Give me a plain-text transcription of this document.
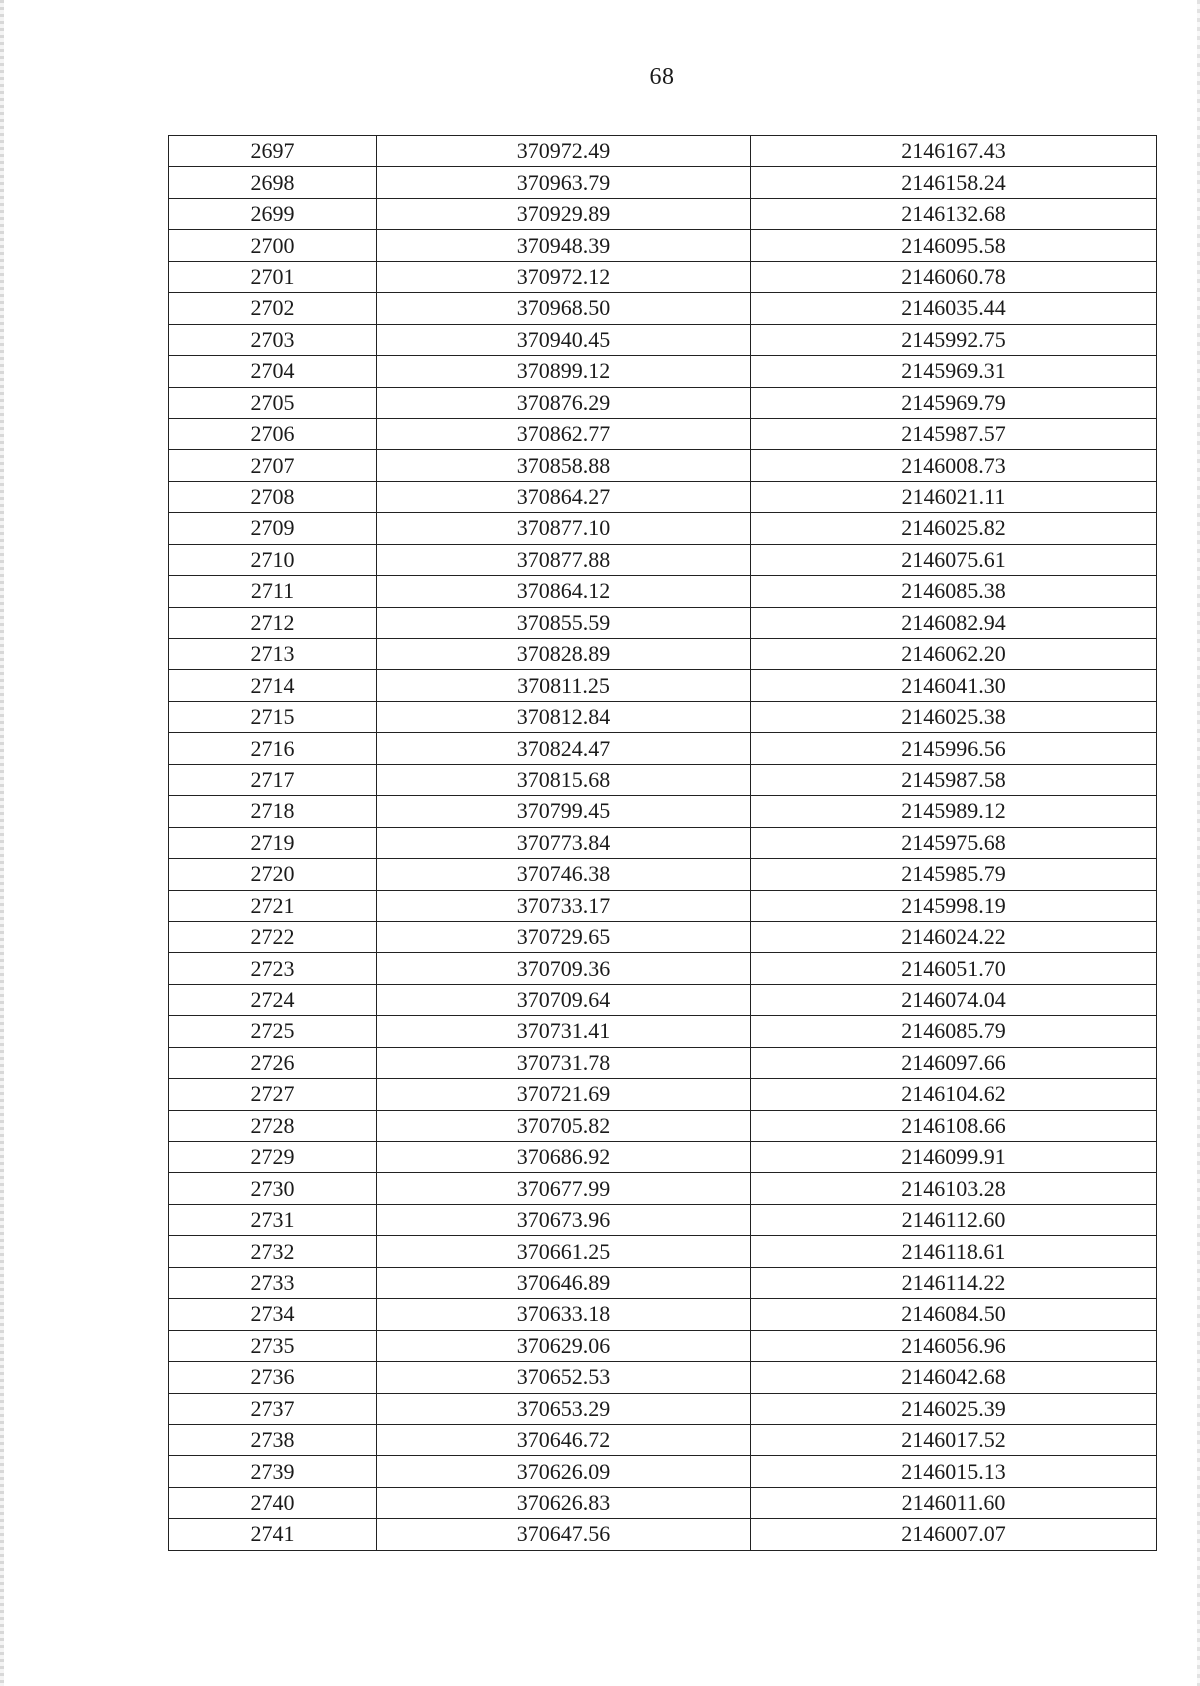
68
2697	370972.49	2146167.43
2698	370963.79	2146158.24
2699	370929.89	2146132.68
2700	370948.39	2146095.58
2701	370972.12	2146060.78
2702	370968.50	2146035.44
2703	370940.45	2145992.75
2704	370899.12	2145969.31
2705	370876.29	2145969.79
2706	370862.77	2145987.57
2707	370858.88	2146008.73
2708	370864.27	2146021.11
2709	370877.10	2146025.82
2710	370877.88	2146075.61
2711	370864.12	2146085.38
2712	370855.59	2146082.94
2713	370828.89	2146062.20
2714	370811.25	2146041.30
2715	370812.84	2146025.38
2716	370824.47	2145996.56
2717	370815.68	2145987.58
2718	370799.45	2145989.12
2719	370773.84	2145975.68
2720	370746.38	2145985.79
2721	370733.17	2145998.19
2722	370729.65	2146024.22
2723	370709.36	2146051.70
2724	370709.64	2146074.04
2725	370731.41	2146085.79
2726	370731.78	2146097.66
2727	370721.69	2146104.62
2728	370705.82	2146108.66
2729	370686.92	2146099.91
2730	370677.99	2146103.28
2731	370673.96	2146112.60
2732	370661.25	2146118.61
2733	370646.89	2146114.22
2734	370633.18	2146084.50
2735	370629.06	2146056.96
2736	370652.53	2146042.68
2737	370653.29	2146025.39
2738	370646.72	2146017.52
2739	370626.09	2146015.13
2740	370626.83	2146011.60
2741	370647.56	2146007.07
